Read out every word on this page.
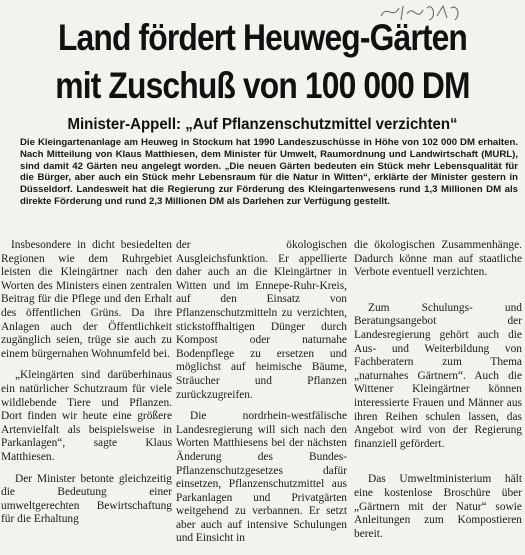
Land fördert Heuweg-Gärten
mit Zuschuß von 100 000 DM
Minister-Appell: „Auf Pflanzenschutzmittel verzichten“
Die Kleingartenanlage am Heuweg in Stockum hat 1990 Landeszuschüsse in Höhe von 102 000 DM erhalten. Nach Mitteilung von Klaus Matthiesen, dem Minister für Umwelt, Raumordnung und Landwirtschaft (MURL), sind damit 42 Gärten neu angelegt worden. „Die neuen Gärten bedeuten ein Stück mehr Lebensqualität für die Bürger, aber auch ein Stück mehr Lebensraum für die Natur in Witten“, erklärte der Minister gestern in Düsseldorf. Landesweit hat die Regierung zur Förderung des Kleingartenwesens rund 1,3 Millionen DM als direkte Förderung und rund 2,3 Millionen DM als Darlehen zur Verfügung gestellt.

Insbesondere in dicht besiedelten Regionen wie dem Ruhrgebiet leisten die Kleingärtner nach den Worten des Ministers einen zentralen Beitrag für die Pflege und den Erhalt des öffentlichen Grüns. Da ihre Anlagen auch der Öffentlichkeit zugänglich seien, trüge sie auch zu einem bürgernahen Wohnumfeld bei.

„Kleingärten sind darüberhinaus ein natürlicher Schutzraum für viele wildlebende Tiere und Pflanzen. Dort finden wir heute eine größere Artenvielfalt als beispielsweise in Parkanlagen“, sagte Klaus Matthiesen.

Der Minister betonte gleichzeitig die Bedeutung einer umweltgerechten Bewirtschaftung für die Erhaltung

der ökologischen Ausgleichsfunktion. Er appellierte daher auch an die Kleingärtner in Witten und im Ennepe-Ruhr-Kreis, auf den Einsatz von Pflanzenschutzmitteln zu verzichten, stickstoffhaltigen Dünger durch Kompost oder naturnahe Bodenpflege zu ersetzen und möglichst auf heimische Bäume, Sträucher und Pflanzen zurückzugreifen.

Die nordrhein-westfälische Landesregierung will sich nach den Worten Matthiesens bei der nächsten Änderung des Bundes-Pflanzenschutzgesetzes dafür einsetzen, Pflanzenschutzmittel aus Parkanlagen und Privatgärten weitgehend zu verbannen. Er setzt aber auch auf intensive Schulungen und Einsicht in

die ökologischen Zusammenhänge. Dadurch könne man auf staatliche Verbote eventuell verzichten.

Zum Schulungs- und Beratungsangebot der Landesregierung gehört auch die Aus- und Weiterbildung von Fachberatern zum Thema „naturnahes Gärtnern“. Auch die Wittener Kleingärtner können interessierte Frauen und Männer aus ihren Reihen schulen lassen, das Angebot wird von der Regierung finanziell gefördert.

Das Umweltministerium hält eine kostenlose Broschüre über „Gärtnern mit der Natur“ sowie Anleitungen zum Kompostieren bereit.
